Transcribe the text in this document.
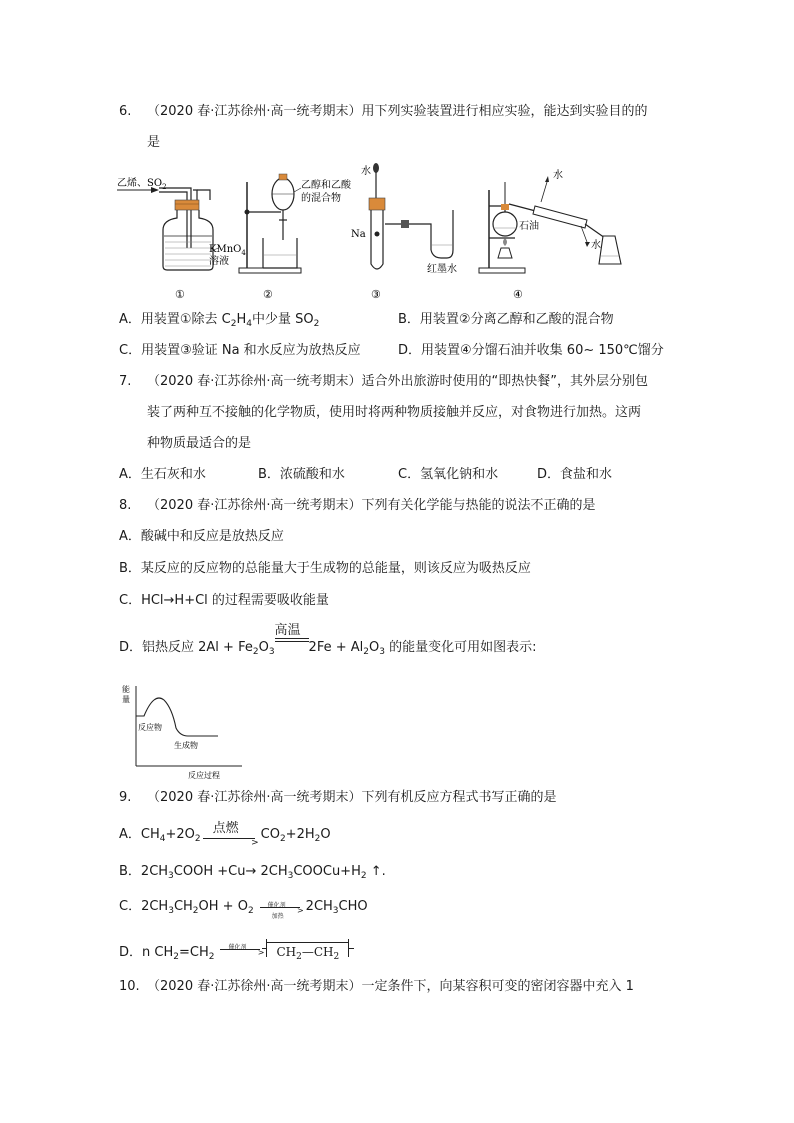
6. （2020 春·江苏徐州·高一统考期末）用下列实验装置进行相应实验，能达到实验目的的
是
乙烯、$SO_2$
KMnO$_4$
溶液
①
乙醇和乙酸
的混合物
②
水
Na
红墨水
③
石油
水
水
④
A．用装置①除去 $C_2H_4$中少量 $SO_2$	B．用装置②分离乙醇和乙酸的混合物
C．用装置③验证 Na 和水反应为放热反应	D．用装置④分馏石油并收集 60~ 150℃馏分
7. （2020 春·江苏徐州·高一统考期末）适合外出旅游时使用的“即热快餐”，其外层分别包
装了两种互不接触的化学物质，使用时将两种物质接触并反应，对食物进行加热。这两
种物质最适合的是
A．生石灰和水	B．浓硫酸和水	C．氢氧化钠和水	D．食盐和水
8. （2020 春·江苏徐州·高一统考期末）下列有关化学能与热能的说法不正确的是
A．酸碱中和反应是放热反应
B．某反应的反应物的总能量大于生成物的总能量，则该反应为吸热反应
C．HCl→H+Cl 的过程需要吸收能量
D．铝热反应 $2Al + Fe_2O_3$
高温
$2Fe + Al_2O_3$ 的能量变化可用如图表示:
能
量
反应物
生成物
反应过程
9. （2020 春·江苏徐州·高一统考期末）下列有机反应方程式书写正确的是
A．$CH_4+2O_2$
点燃
>
$CO_2+2H_2O$
B．$2CH_3COOH +Cu\to$ $2CH_3COOCu+H_2$ ↑.
C．$2CH_3CH_2OH + O_2$
催化剂
>
加热
$2CH_3CHO$
D．n $CH_2=CH_2$
催化剂
> $CH_2—CH_2$
10. （2020 春·江苏徐州·高一统考期末）一定条件下，向某容积可变的密闭容器中充入 1
